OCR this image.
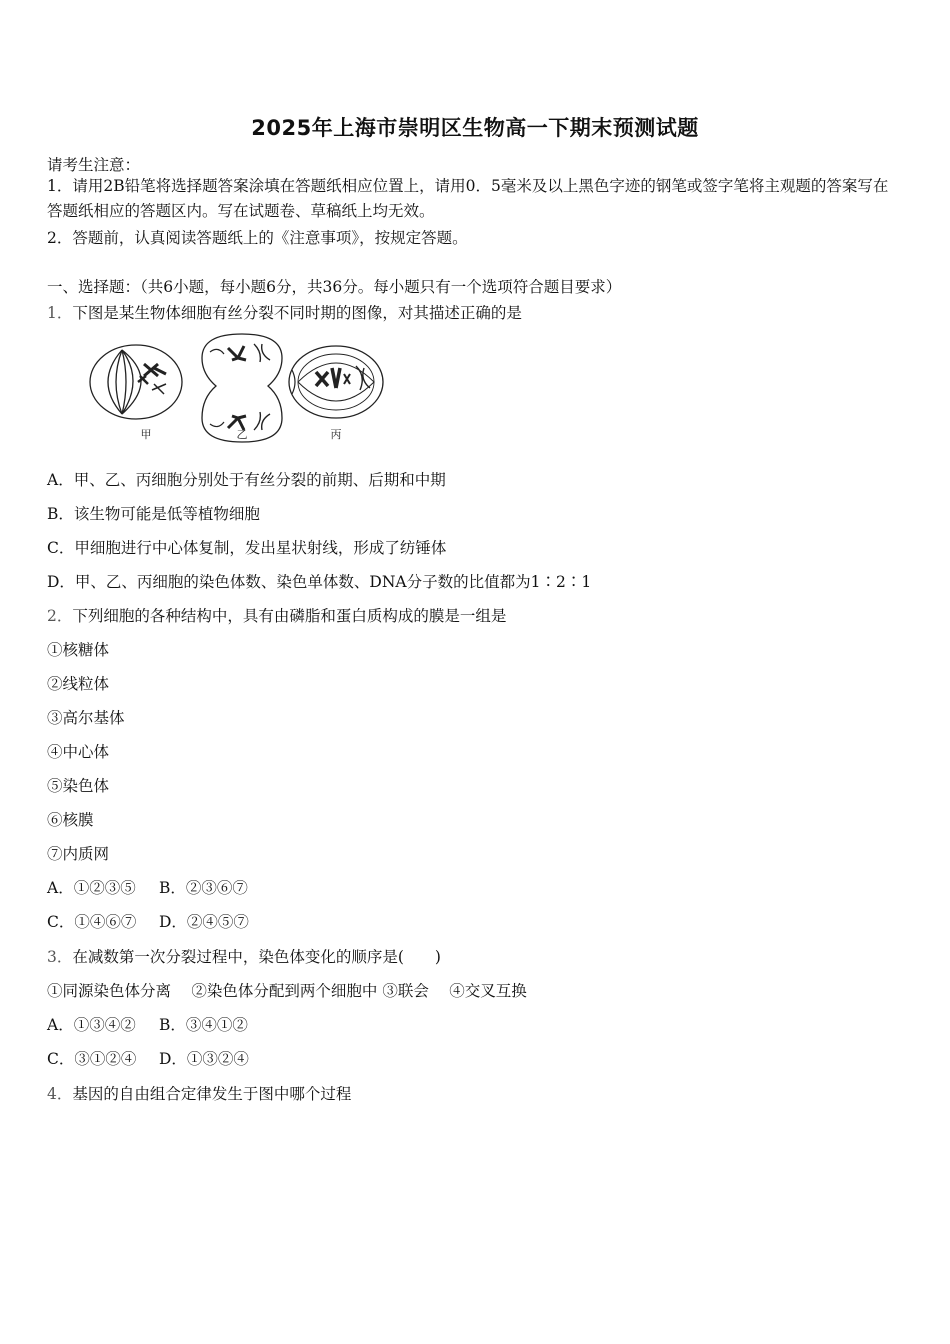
2025年上海市崇明区生物高一下期末预测试题
请考生注意：
1．请用2B铅笔将选择题答案涂填在答题纸相应位置上，请用0．5毫米及以上黑色字迹的钢笔或签字笔将主观题的答案写在答题纸相应的答题区内。写在试题卷、草稿纸上均无效。
2．答题前，认真阅读答题纸上的《注意事项》，按规定答题。
一、选择题：（共6小题，每小题6分，共36分。每小题只有一个选项符合题目要求）
1．下图是某生物体细胞有丝分裂不同时期的图像，对其描述正确的是
甲	乙	丙
A．甲、乙、丙细胞分别处于有丝分裂的前期、后期和中期
B．该生物可能是低等植物细胞
C．甲细胞进行中心体复制，发出星状射线，形成了纺锤体
D．甲、乙、丙细胞的染色体数、染色单体数、DNA分子数的比值都为1∶2∶1
2．下列细胞的各种结构中，具有由磷脂和蛋白质构成的膜是一组是
①核糖体
②线粒体
③高尔基体
④中心体
⑤染色体
⑥核膜
⑦内质网
A．①②③⑤ B．②③⑥⑦
C．①④⑥⑦ D．②④⑤⑦
3．在减数第一次分裂过程中，染色体变化的顺序是(　　)
①同源染色体分离　 ②染色体分配到两个细胞中 ③联会　 ④交叉互换
A．①③④② B．③④①②
C．③①②④ D．①③②④
4．基因的自由组合定律发生于图中哪个过程
